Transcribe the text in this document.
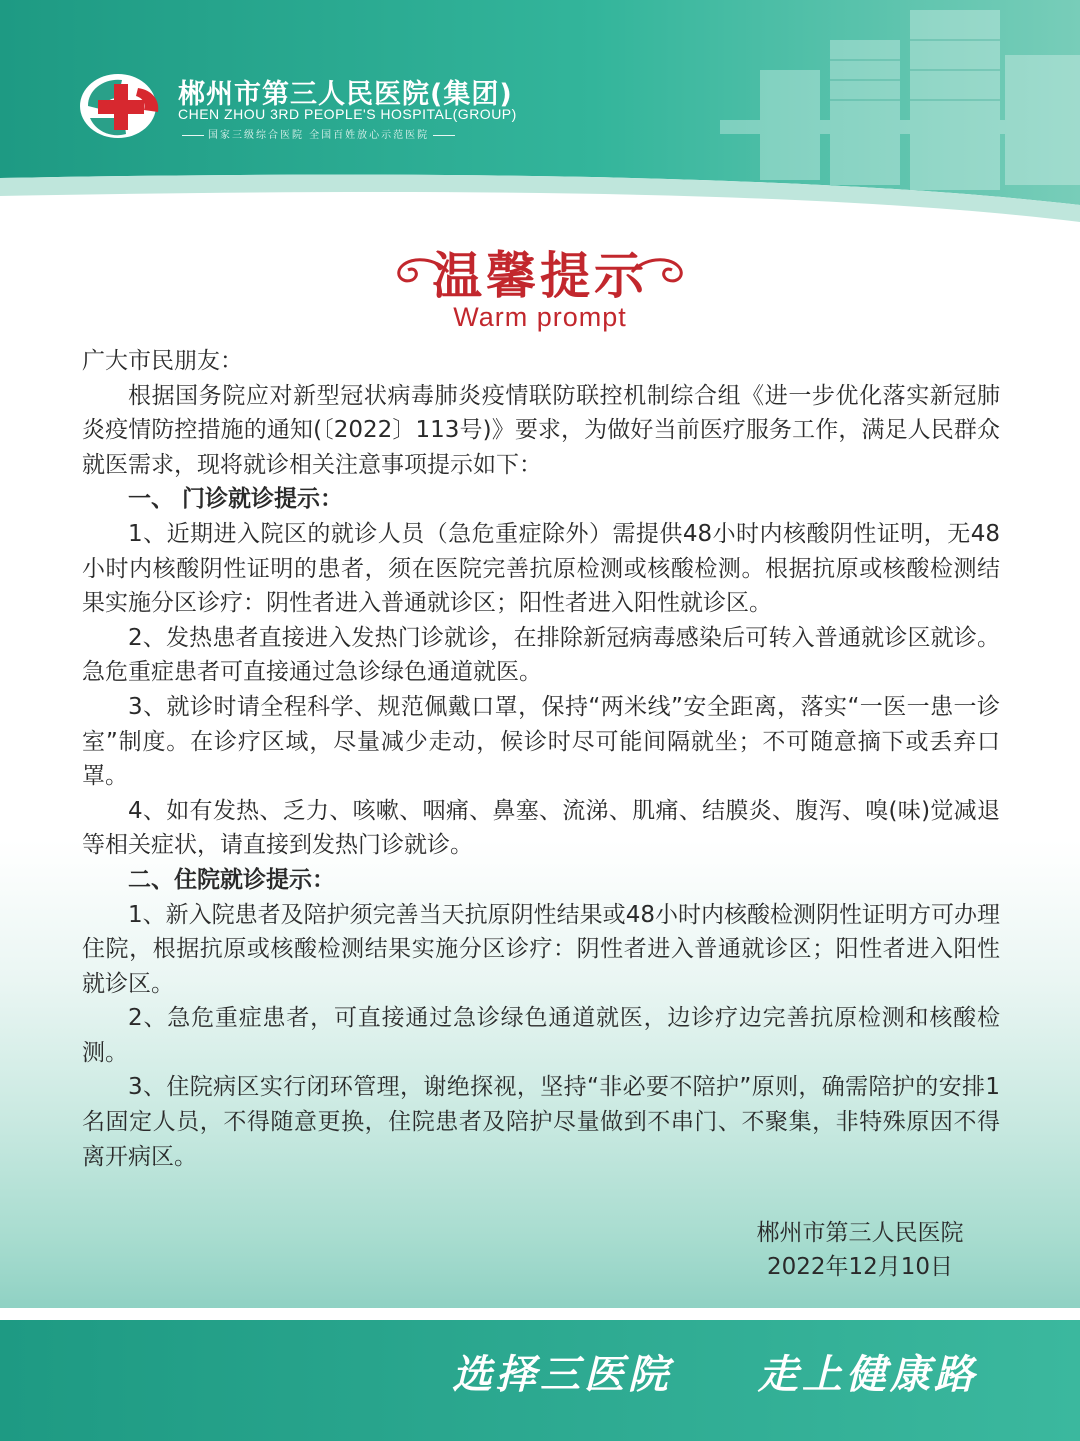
郴州市第三人民医院(集团)
CHEN ZHOU 3RD PEOPLE'S HOSPITAL(GROUP)
国家三级综合医院 全国百姓放心示范医院
温馨提示
Warm prompt

广大市民朋友：

根据国务院应对新型冠状病毒肺炎疫情联防联控机制综合组《进一步优化落实新冠肺炎疫情防控措施的通知(〔2022〕113号)》要求，为做好当前医疗服务工作，满足人民群众就医需求，现将就诊相关注意事项提示如下：

一、 门诊就诊提示：

1、近期进入院区的就诊人员（急危重症除外）需提供48小时内核酸阴性证明，无48小时内核酸阴性证明的患者，须在医院完善抗原检测或核酸检测。根据抗原或核酸检测结果实施分区诊疗：阴性者进入普通就诊区；阳性者进入阳性就诊区。

2、发热患者直接进入发热门诊就诊，在排除新冠病毒感染后可转入普通就诊区就诊。急危重症患者可直接通过急诊绿色通道就医。

3、就诊时请全程科学、规范佩戴口罩，保持“两米线”安全距离，落实“一医一患一诊室”制度。在诊疗区域，尽量减少走动，候诊时尽可能间隔就坐；不可随意摘下或丢弃口罩。

4、如有发热、乏力、咳嗽、咽痛、鼻塞、流涕、肌痛、结膜炎、腹泻、嗅(味)觉减退等相关症状，请直接到发热门诊就诊。

二、住院就诊提示：

1、新入院患者及陪护须完善当天抗原阴性结果或48小时内核酸检测阴性证明方可办理住院，根据抗原或核酸检测结果实施分区诊疗：阴性者进入普通就诊区；阳性者进入阳性就诊区。

2、急危重症患者，可直接通过急诊绿色通道就医，边诊疗边完善抗原检测和核酸检测。

3、住院病区实行闭环管理，谢绝探视，坚持“非必要不陪护”原则，确需陪护的安排1名固定人员，不得随意更换，住院患者及陪护尽量做到不串门、不聚集，非特殊原因不得离开病区。

郴州市第三人民医院
2022年12月10日
选择三医院 走上健康路
